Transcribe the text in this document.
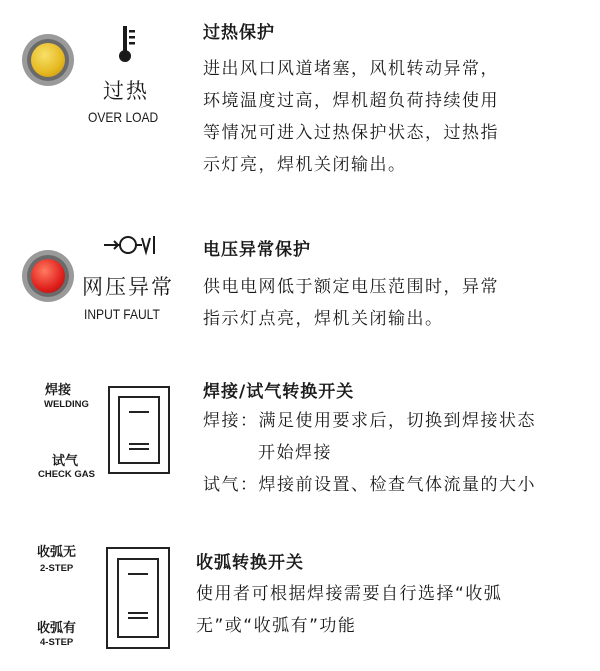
过热
OVER LOAD
过热保护
进出风口风道堵塞，风机转动异常，
环境温度过高，焊机超负荷持续使用
等情况可进入过热保护状态，过热指
示灯亮，焊机关闭输出。
网压异常
INPUT FAULT
电压异常保护
供电电网低于额定电压范围时，异常
指示灯点亮，焊机关闭输出。
焊接
WELDING
试气
CHECK GAS
焊接/试气转换开关
焊接：满足使用要求后，切换到焊接状态
开始焊接
试气：焊接前设置、检查气体流量的大小
收弧无
2-STEP
收弧有
4-STEP
收弧转换开关
使用者可根据焊接需要自行选择“收弧
无”或“收弧有”功能
